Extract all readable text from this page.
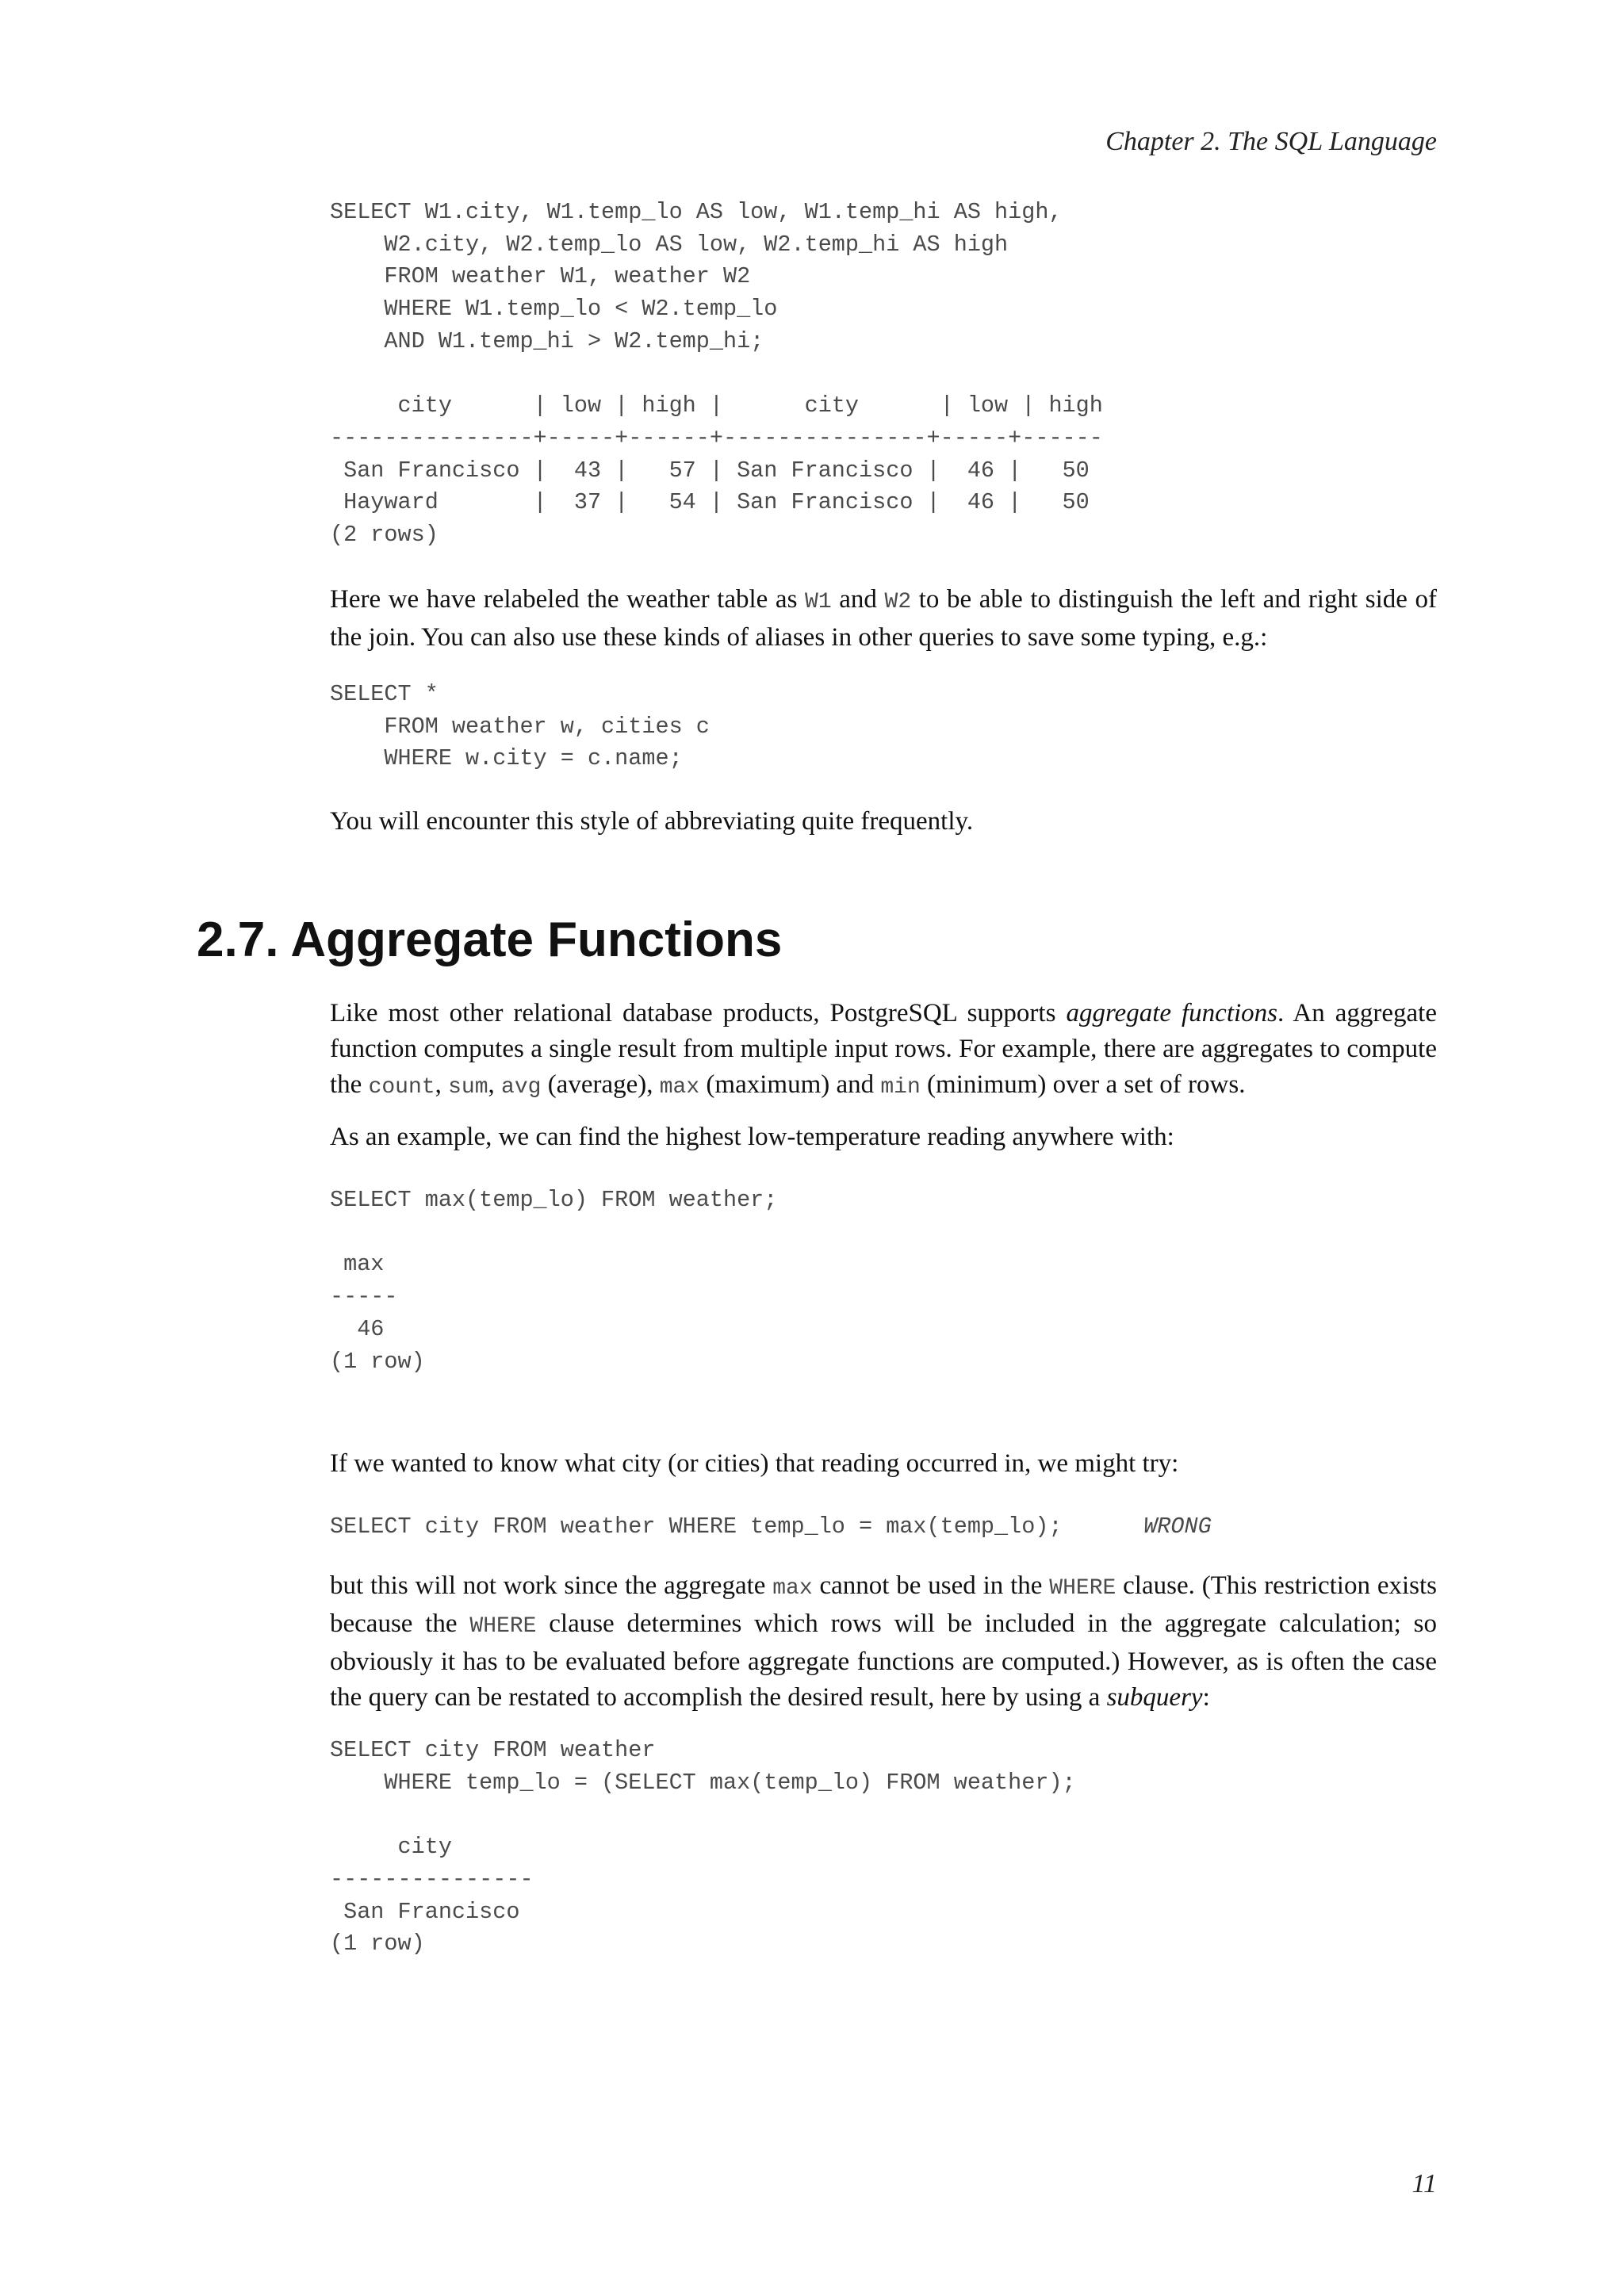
Chapter 2. The SQL Language
SELECT W1.city, W1.temp_lo AS low, W1.temp_hi AS high,
W2.city, W2.temp_lo AS low, W2.temp_hi AS high
FROM weather W1, weather W2
WHERE W1.temp_lo < W2.temp_lo
AND W1.temp_hi > W2.temp_hi;

city      | low | high |      city      | low | high
---------------+-----+------+---------------+-----+------
San Francisco |  43 |   57 | San Francisco |  46 |   50
Hayward       |  37 |   54 | San Francisco |  46 |   50
(2 rows)

Here we have relabeled the weather table as W1 and W2 to be able to distinguish the left and right side of the join. You can also use these kinds of aliases in other queries to save some typing, e.g.:

SELECT *
FROM weather w, cities c
WHERE w.city = c.name;

You will encounter this style of abbreviating quite frequently.

2.7. Aggregate Functions

Like most other relational database products, PostgreSQL supports aggregate functions. An aggregate function computes a single result from multiple input rows. For example, there are aggregates to compute the count, sum, avg (average), max (maximum) and min (minimum) over a set of rows.

As an example, we can find the highest low-temperature reading anywhere with:

SELECT max(temp_lo) FROM weather;

max
-----
46
(1 row)

If we wanted to know what city (or cities) that reading occurred in, we might try:

SELECT city FROM weather WHERE temp_lo = max(temp_lo);	WRONG

but this will not work since the aggregate max cannot be used in the WHERE clause. (This restriction exists because the WHERE clause determines which rows will be included in the aggregate calculation; so obviously it has to be evaluated before aggregate functions are computed.) However, as is often the case the query can be restated to accomplish the desired result, here by using a subquery:

SELECT city FROM weather
WHERE temp_lo = (SELECT max(temp_lo) FROM weather);

city
---------------
San Francisco
(1 row)
11
